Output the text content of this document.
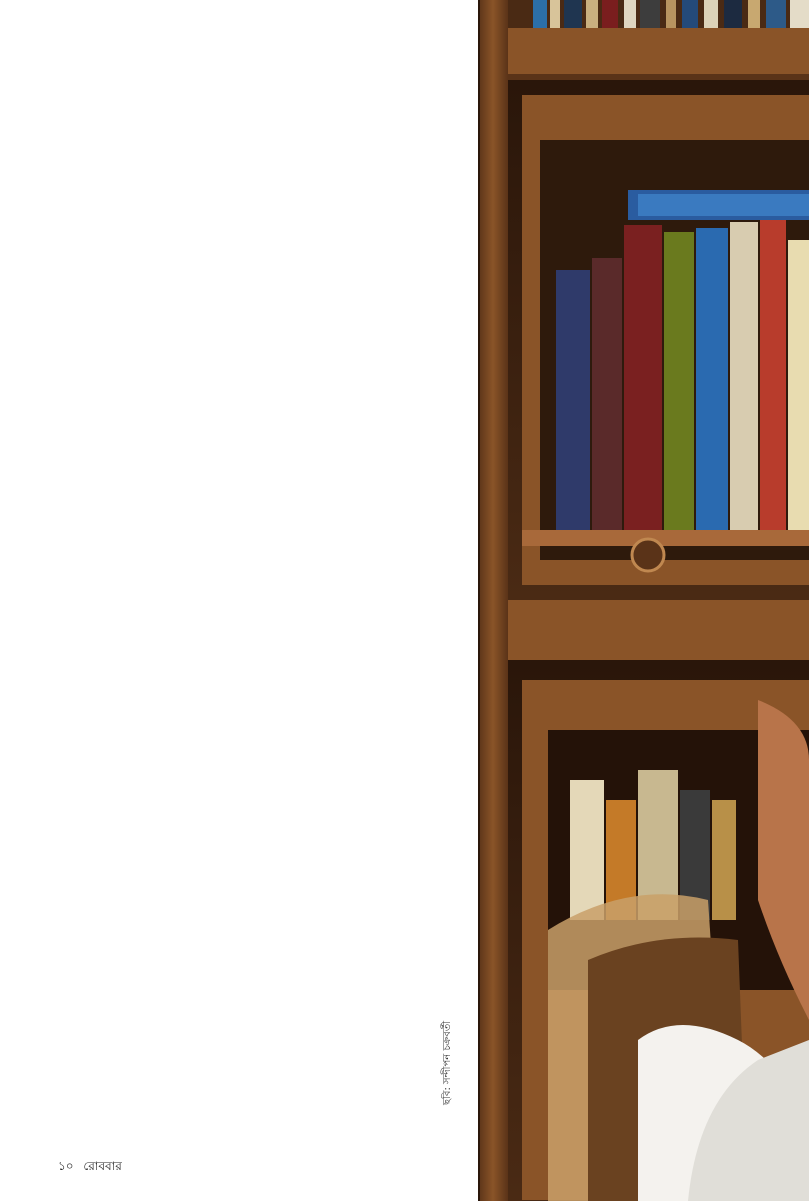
ছবি: সন্দীপন চক্রবর্তী
১০ রোববার
